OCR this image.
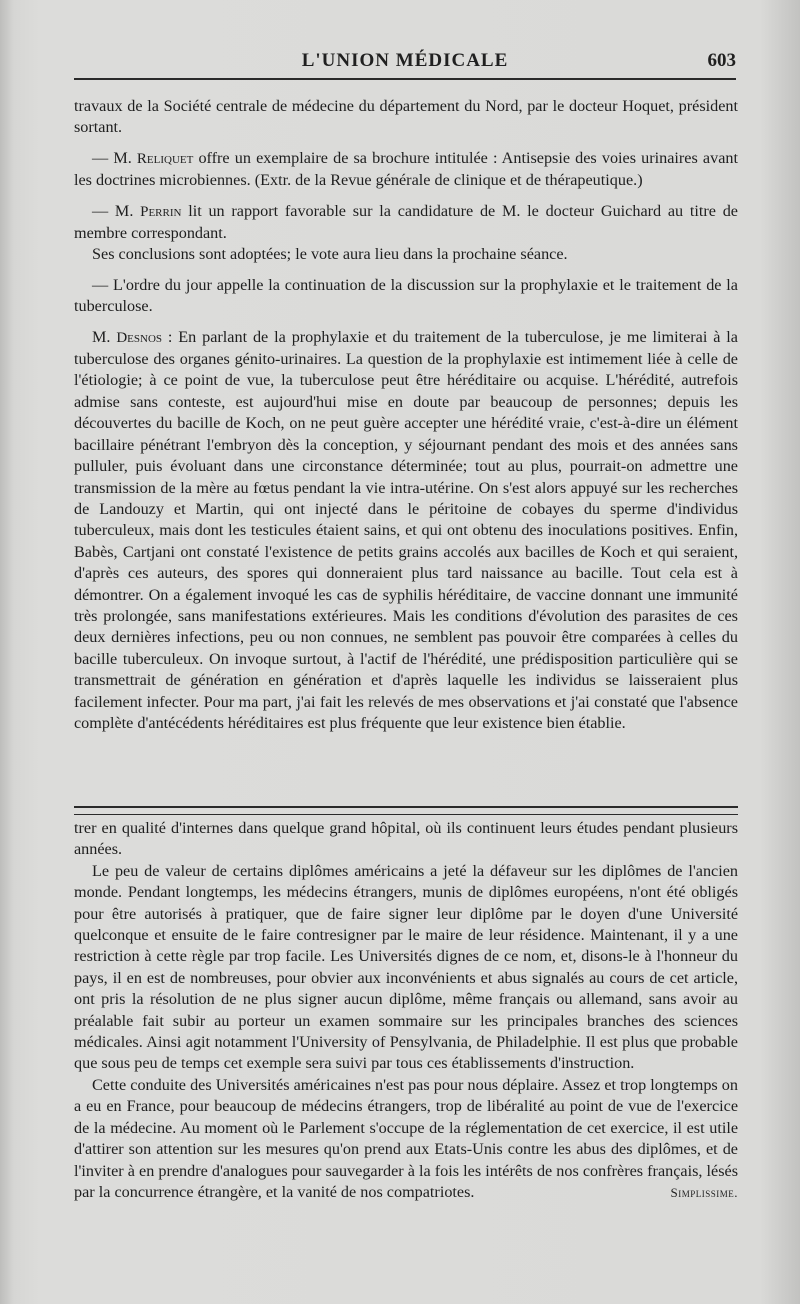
L'UNION MÉDICALE	603

travaux de la Société centrale de médecine du département du Nord, par le docteur Hoquet, président sortant.

— M. Reliquet offre un exemplaire de sa brochure intitulée : Antisepsie des voies urinaires avant les doctrines microbiennes. (Extr. de la Revue générale de clinique et de thérapeutique.)

— M. Perrin lit un rapport favorable sur la candidature de M. le docteur Guichard au titre de membre correspondant.

Ses conclusions sont adoptées; le vote aura lieu dans la prochaine séance.

— L'ordre du jour appelle la continuation de la discussion sur la prophylaxie et le traitement de la tuberculose.

M. Desnos : En parlant de la prophylaxie et du traitement de la tuberculose, je me limiterai à la tuberculose des organes génito-urinaires. La question de la prophylaxie est intimement liée à celle de l'étiologie; à ce point de vue, la tuberculose peut être héréditaire ou acquise. L'hérédité, autrefois admise sans conteste, est aujourd'hui mise en doute par beaucoup de personnes; depuis les découvertes du bacille de Koch, on ne peut guère accepter une hérédité vraie, c'est-à-dire un élément bacillaire pénétrant l'embryon dès la conception, y séjournant pendant des mois et des années sans pulluler, puis évoluant dans une circonstance déterminée; tout au plus, pourrait-on admettre une transmission de la mère au fœtus pendant la vie intra-utérine. On s'est alors appuyé sur les recherches de Landouzy et Martin, qui ont injecté dans le péritoine de cobayes du sperme d'individus tuberculeux, mais dont les testicules étaient sains, et qui ont obtenu des inoculations positives. Enfin, Babès, Cartjani ont constaté l'existence de petits grains accolés aux bacilles de Koch et qui seraient, d'après ces auteurs, des spores qui donneraient plus tard naissance au bacille. Tout cela est à démontrer. On a également invoqué les cas de syphilis héréditaire, de vaccine donnant une immunité très prolongée, sans manifestations extérieures. Mais les conditions d'évolution des parasites de ces deux dernières infections, peu ou non connues, ne semblent pas pouvoir être comparées à celles du bacille tuberculeux. On invoque surtout, à l'actif de l'hérédité, une prédisposition particulière qui se transmettrait de génération en génération et d'après laquelle les individus se laisseraient plus facilement infecter. Pour ma part, j'ai fait les relevés de mes observations et j'ai constaté que l'absence complète d'antécédents héréditaires est plus fréquente que leur existence bien établie.

trer en qualité d'internes dans quelque grand hôpital, où ils continuent leurs études pendant plusieurs années.

Le peu de valeur de certains diplômes américains a jeté la défaveur sur les diplômes de l'ancien monde. Pendant longtemps, les médecins étrangers, munis de diplômes européens, n'ont été obligés pour être autorisés à pratiquer, que de faire signer leur diplôme par le doyen d'une Université quelconque et ensuite de le faire contresigner par le maire de leur résidence. Maintenant, il y a une restriction à cette règle par trop facile. Les Universités dignes de ce nom, et, disons-le à l'honneur du pays, il en est de nombreuses, pour obvier aux inconvénients et abus signalés au cours de cet article, ont pris la résolution de ne plus signer aucun diplôme, même français ou allemand, sans avoir au préalable fait subir au porteur un examen sommaire sur les principales branches des sciences médicales. Ainsi agit notamment l'University of Pensylvania, de Philadelphie. Il est plus que probable que sous peu de temps cet exemple sera suivi par tous ces établissements d'instruction.

Cette conduite des Universités américaines n'est pas pour nous déplaire. Assez et trop longtemps on a eu en France, pour beaucoup de médecins étrangers, trop de libéralité au point de vue de l'exercice de la médecine. Au moment où le Parlement s'occupe de la réglementation de cet exercice, il est utile d'attirer son attention sur les mesures qu'on prend aux Etats-Unis contre les abus des diplômes, et de l'inviter à en prendre d'analogues pour sauvegarder à la fois les intérêts de nos confrères français, lésés par la concurrence étrangère, et la vanité de nos compatriotes.	Simplissime.
